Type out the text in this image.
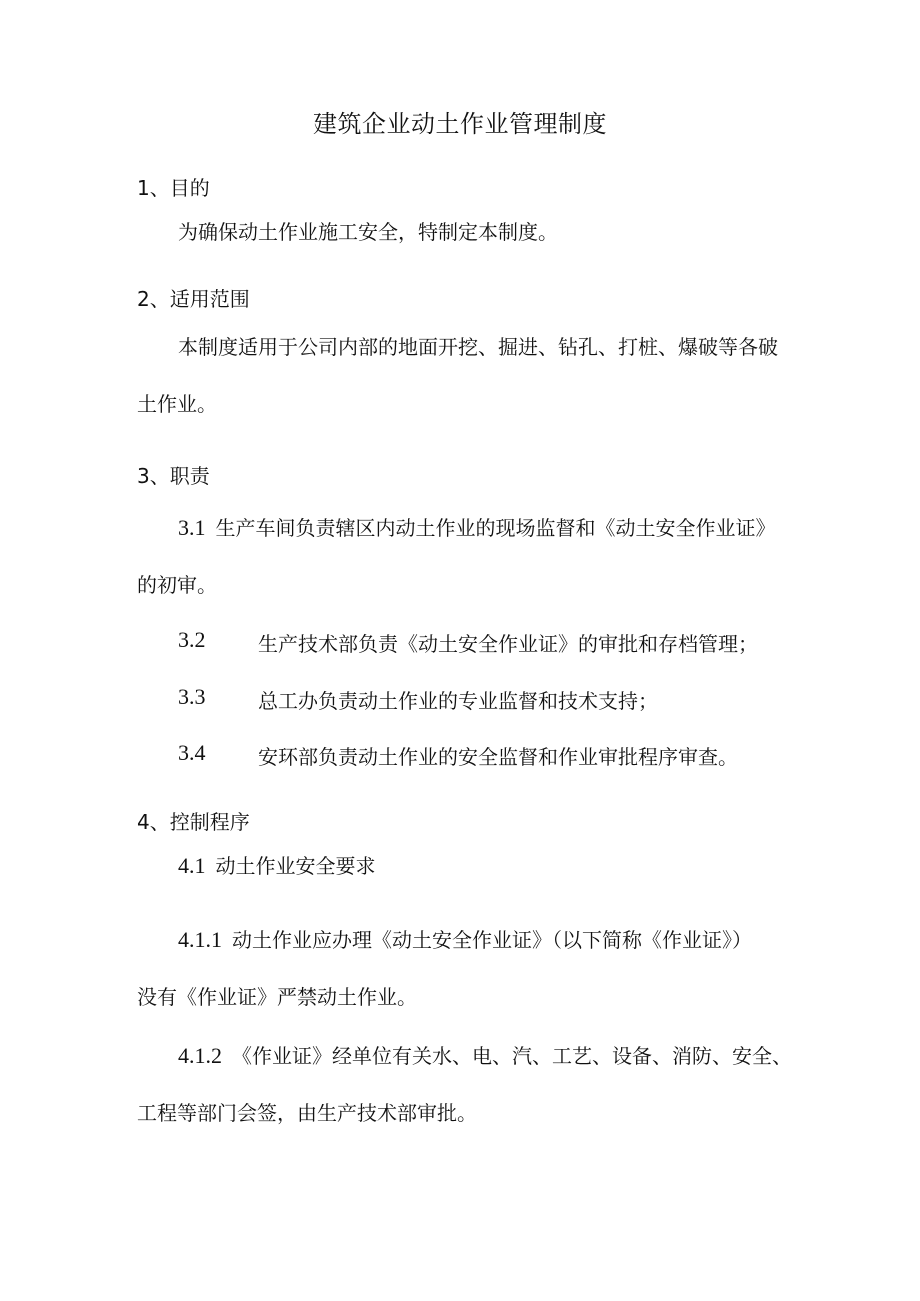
建筑企业动土作业管理制度
1、目的
为确保动土作业施工安全，特制定本制度。
2、适用范围
本制度适用于公司内部的地面开挖、掘进、钻孔、打桩、爆破等各破
土作业。
3、职责
3.1 生产车间负责辖区内动土作业的现场监督和《动土安全作业证》
的初审。
3.2	生产技术部负责《动土安全作业证》的审批和存档管理；
3.3	总工办负责动土作业的专业监督和技术支持；
3.4	安环部负责动土作业的安全监督和作业审批程序审查。
4、控制程序
4.1 动土作业安全要求
4.1.1 动土作业应办理《动土安全作业证》（以下简称《作业证》）
没有《作业证》严禁动土作业。
4.1.2 《作业证》经单位有关水、电、汽、工艺、设备、消防、安全、
工程等部门会签，由生产技术部审批。
